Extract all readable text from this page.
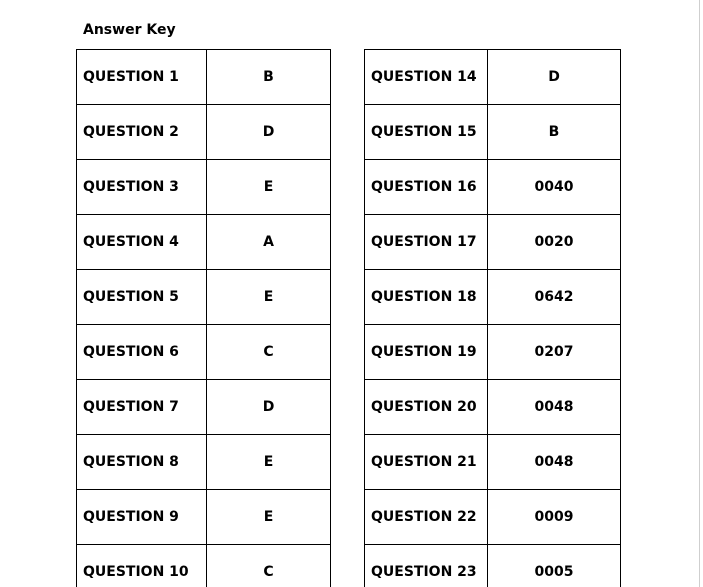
Answer Key
QUESTION 1	B
QUESTION 2	D
QUESTION 3	E
QUESTION 4	A
QUESTION 5	E
QUESTION 6	C
QUESTION 7	D
QUESTION 8	E
QUESTION 9	E
QUESTION 10	C
QUESTION 14	D
QUESTION 15	B
QUESTION 16	0040
QUESTION 17	0020
QUESTION 18	0642
QUESTION 19	0207
QUESTION 20	0048
QUESTION 21	0048
QUESTION 22	0009
QUESTION 23	0005
